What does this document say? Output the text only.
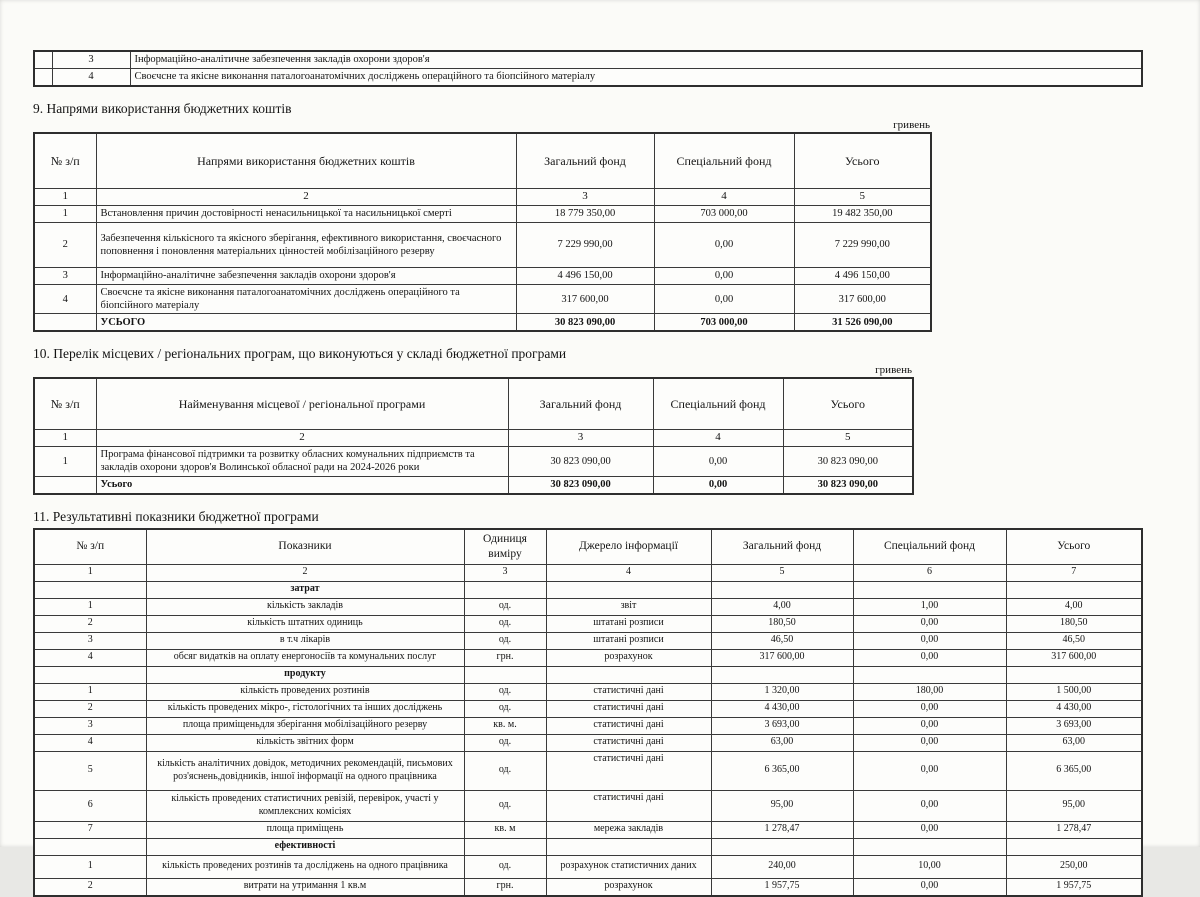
	3	Інформаційно-аналітичне забезпечення закладів охорони здоров'я
	4	Своєчсне та якісне виконання паталогоанатомічних досліджень операційного та біопсійного матеріалу
9. Напрями використання бюджетних коштів
гривень
№ з/п	Напрями використання бюджетних коштів	Загальний фонд	Спеціальний фонд	Усього
1	2	3	4	5
1	Встановлення причин достовірності ненасильницької та насильницької смерті	18 779 350,00	703 000,00	19 482 350,00
2	Забезпечення кількісного та якісного зберігання, ефективного використання, своєчасного поповнення і поновлення матеріальних цінностей мобілізаційного резерву	7 229 990,00	0,00	7 229 990,00
3	Інформаційно-аналітичне забезпечення закладів охорони здоров'я	4 496 150,00	0,00	4 496 150,00
4	Своєчсне та якісне виконання паталогоанатомічних досліджень операційного та біопсійного матеріалу	317 600,00	0,00	317 600,00
	УСЬОГО	30 823 090,00	703 000,00	31 526 090,00
10. Перелік місцевих / регіональних програм, що виконуються у складі бюджетної програми
гривень
№ з/п	Найменування місцевої / регіональної програми	Загальний фонд	Спеціальний фонд	Усього
1	2	3	4	5
1	Програма фінансової підтримки та розвитку обласних комунальних підприємств та закладів охорони здоров'я Волинської обласної ради на 2024-2026 роки	30 823 090,00	0,00	30 823 090,00
	Усього	30 823 090,00	0,00	30 823 090,00
11. Результативні показники бюджетної програми
№ з/п	Показники	Одиниця виміру	Джерело інформації	Загальний фонд	Спеціальний фонд	Усього
1	2	3	4	5	6	7
	затрат					
1	кількість закладів	од.	звіт	4,00	1,00	4,00
2	кількість штатних одиниць	од.	штатані розписи	180,50	0,00	180,50
3	в т.ч лікарів	од.	штатані розписи	46,50	0,00	46,50
4	обсяг видатків на оплату енергоносіїв та комунальних послуг	грн.	розрахунок	317 600,00	0,00	317 600,00
	продукту					
1	кількість проведених розтинів	од.	статистичні дані	1 320,00	180,00	1 500,00
2	кількість проведених мікро-, гістологічних та інших досліджень	од.	статистичні дані	4 430,00	0,00	4 430,00
3	площа приміщеньдля зберігання мобілізаційного резерву	кв. м.	статистичні дані	3 693,00	0,00	3 693,00
4	кількість звітних форм	од.	статистичні дані	63,00	0,00	63,00
5	кількість аналітичних довідок, методичних рекомендацій, письмових роз'яснень,довідників, іншої інформації на одного працівника	од.	статистичні дані	6 365,00	0,00	6 365,00
6	кількість проведених статистичних ревізій, перевірок, участі у комплексних комісіях	од.	статистичні дані	95,00	0,00	95,00
7	площа приміщень	кв. м	мережа закладів	1 278,47	0,00	1 278,47
	ефективності					
1	кількість проведених розтинів та досліджень на одного працівника	од.	розрахунок статистичних даних	240,00	10,00	250,00
2	витрати на утримання 1 кв.м	грн.	розрахунок	1 957,75	0,00	1 957,75
